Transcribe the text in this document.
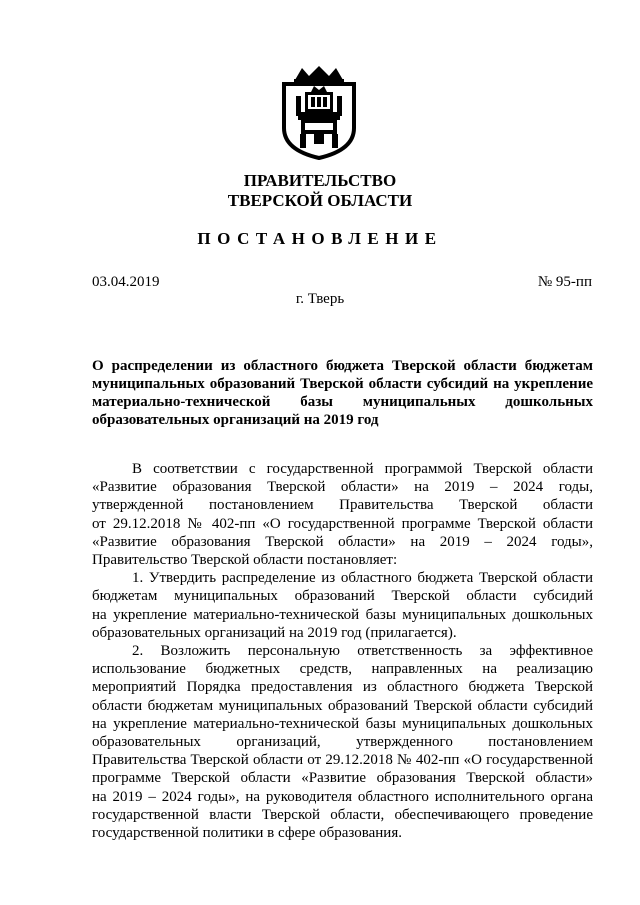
ПРАВИТЕЛЬСТВО
ТВЕРСКОЙ ОБЛАСТИ
ПОСТАНОВЛЕНИЕ
03.04.2019	№ 95-пп
г. Тверь
О распределении из областного бюджета Тверской области бюджетам
муниципальных образований Тверской области субсидий на укрепление
материально-технической базы муниципальных дошкольных
образовательных организаций на 2019 год
В соответствии с государственной программой Тверской области
«Развитие образования Тверской области» на 2019 – 2024 годы,
утвержденной постановлением Правительства Тверской области
от 29.12.2018 № 402-пп «О государственной программе Тверской области
«Развитие образования Тверской области» на 2019 – 2024 годы»,
Правительство Тверской области постановляет:
1. Утвердить распределение из областного бюджета Тверской области
бюджетам муниципальных образований Тверской области субсидий
на укрепление материально-технической базы муниципальных дошкольных
образовательных организаций на 2019 год (прилагается).
2. Возложить персональную ответственность за эффективное
использование бюджетных средств, направленных на реализацию
мероприятий Порядка предоставления из областного бюджета Тверской
области бюджетам муниципальных образований Тверской области субсидий
на укрепление материально-технической базы муниципальных дошкольных
образовательных организаций, утвержденного постановлением
Правительства Тверской области от 29.12.2018 № 402-пп «О государственной
программе Тверской области «Развитие образования Тверской области»
на 2019 – 2024 годы», на руководителя областного исполнительного органа
государственной власти Тверской области, обеспечивающего проведение
государственной политики в сфере образования.
